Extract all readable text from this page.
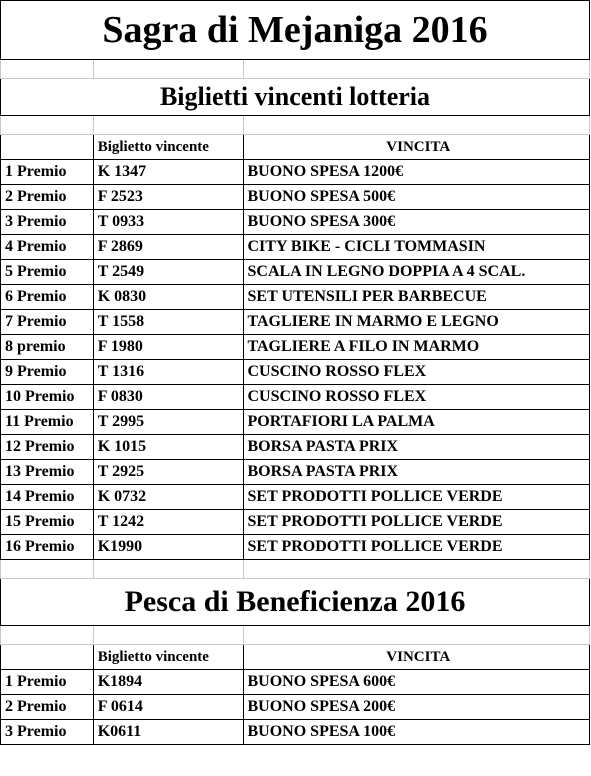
Sagra di Mejaniga 2016		

Biglietti vincenti lotteria		

	Biglietto vincente	VINCITA
1 Premio	K 1347	BUONO SPESA 1200€
2 Premio	F 2523	BUONO SPESA 500€
3 Premio	T 0933	BUONO SPESA 300€
4 Premio	F 2869	CITY BIKE - CICLI TOMMASIN
5 Premio	T 2549	SCALA IN LEGNO DOPPIA A 4 SCAL.
6 Premio	K 0830	SET UTENSILI PER BARBECUE
7 Premio	T 1558	TAGLIERE IN MARMO E LEGNO
8 premio	F 1980	TAGLIERE A FILO IN MARMO
9 Premio	T 1316	CUSCINO ROSSO FLEX
10 Premio	F 0830	CUSCINO ROSSO FLEX
11 Premio	T 2995	PORTAFIORI LA PALMA
12 Premio	K 1015	BORSA PASTA PRIX
13 Premio	T 2925	BORSA PASTA PRIX
14 Premio	K 0732	SET PRODOTTI POLLICE VERDE
15 Premio	T 1242	SET PRODOTTI POLLICE VERDE
16 Premio	K1990	SET PRODOTTI POLLICE VERDE

Pesca di Beneficienza 2016		

	Biglietto vincente	VINCITA
1 Premio	K1894	BUONO SPESA 600€
2 Premio	F 0614	BUONO SPESA 200€
3 Premio	K0611	BUONO SPESA 100€
